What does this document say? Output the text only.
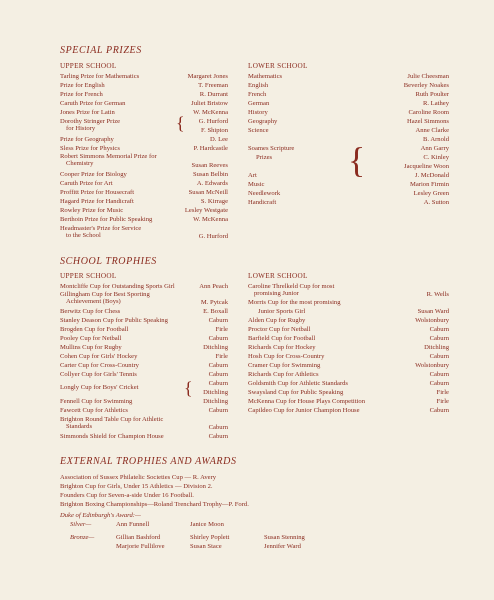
SPECIAL PRIZES
UPPER SCHOOL	LOWER SCHOOL
Tarling Prize for Mathematics	Margaret Jones
Prize for English	T. Freeman
Prize for French	R. Durrant
Caruth Prize for German	Juliet Bristow
Jones Prize for Latin	W. McKenna
Dorothy Stringer Prize	{ G. Hurford
for History	F. Shipton
Prize for Geography	D. Lee
Sless Prize for Physics	P. Hardcastle
Robert Simmons Memorial Prize for
Chemistry	Susan Reeves
Cooper Prize for Biology	Susan Belbin
Caruth Prize for Art	A. Edwards
Proffitt Prize for Housecraft	Susan McNeill
Hagard Prize for Handicraft	S. Kirrage
Rowley Prize for Music	Lesley Westgate
Berthoin Prize for Public Speaking	W. McKenna
Headmaster's Prize for Service
to the School	G. Hurford
Mathematics	Julie Cheesman
English	Beverley Noakes
French	Ruth Poulter
German	R. Lathey
History	Caroline Room
Geography	Hazel Simmons
Science	Anne Clarke
B. Arnold
Soames Scripture	Ann Garry
{
Prizes	C. Kinley
Jacqueline Woon
Art	J. McDonald
Music	Marion Firmin
Needlework	Lesley Green
Handicraft	A. Sutton
SCHOOL TROPHIES
UPPER SCHOOL	LOWER SCHOOL
Montcliffe Cup for Outstanding Sports Girl	Ann Peach
Gillingham Cup for Best Sporting
Achievement (Boys)	M. Pytcak
Berwitz Cup for Chess	E. Boxall
Stanley Deason Cup for Public Speaking	Caburn
Brogden Cup for Football	Firle
Pooley Cup for Netball	Caburn
Mullins Cup for Rugby	Ditchling
Cohen Cup for Girls' Hockey	Firle
Carter Cup for Cross-Country	Caburn
Collyer Cup for Girls' Tennis	Caburn
Longly Cup for Boys' Cricket	{ Caburn
Ditchling
Fennell Cup for Swimming	Ditchling
Fawcett Cup for Athletics	Caburn
Brighton Round Table Cup for Athletic
Standards	Caburn
Simmonds Shield for Champion House	Caburn
Caroline Threlkeld Cup for most
promising Junior	R. Wells
Morris Cup for the most promising
Junior Sports Girl	Susan Ward
Alden Cup for Rugby	Wolstonbury
Proctor Cup for Netball	Caburn
Barfield Cup for Football	Caburn
Richards Cup for Hockey	Ditchling
Hosh Cup for Cross-Country	Caburn
Cramer Cup for Swimming	Wolstonbury
Richards Cup for Athletics	Caburn
Goldsmith Cup for Athletic Standards	Caburn
Swaysland Cup for Public Speaking	Firle
McKenna Cup for House Plays Competition	Firle
Capildeo Cup for Junior Champion House	Caburn
EXTERNAL TROPHIES AND AWARDS
Association of Sussex Philatelic Societies Cup — R. Avery
Brighton Cup for Girls, Under 15 Athletics — Division 2.
Founders Cup for Seven-a-side Under 16 Football.
Brighton Boxing Championships—Roland Trenchard Trophy—P. Ford.
Duke of Edinburgh's Award:—
Silver—	Ann Funnell	Janice Moon
Bronze—	Gillian Bashford	Shirley Poplett	Susan Stenning
Marjorie Fullilove	Susan Stace	Jennifer Ward
